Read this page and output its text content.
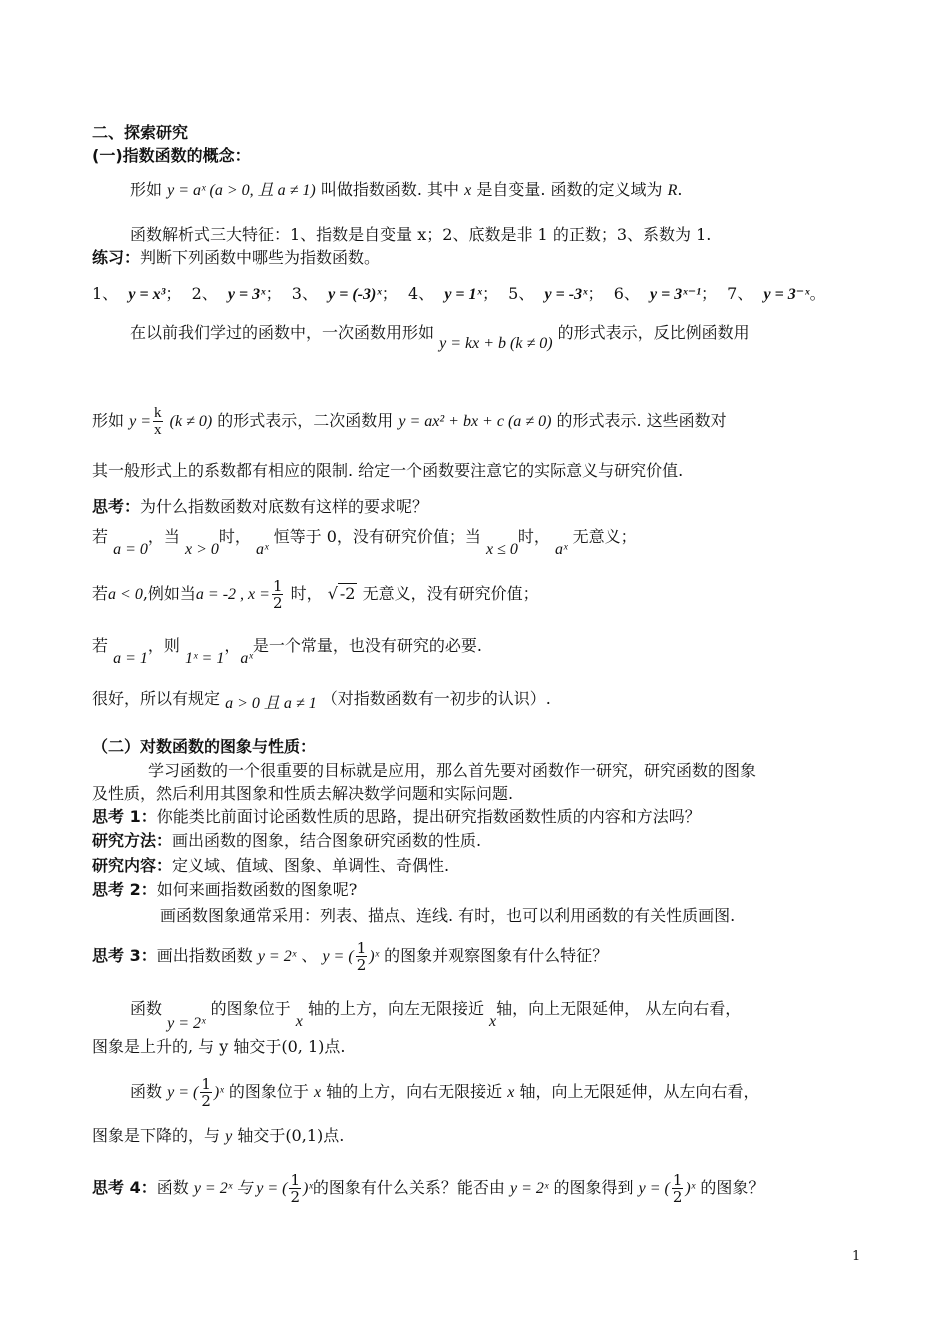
二、探索研究
(一)指数函数的概念：
形如 y = aˣ (a > 0, 且 a ≠ 1) 叫做指数函数. 其中 x 是自变量. 函数的定义域为 R.
函数解析式三大特征：1、指数是自变量 x；2、底数是非 1 的正数；3、系数为 1.
练习：判断下列函数中哪些为指数函数。
1、 y = x³； 2、 y = 3ˣ； 3、 y = (-3)ˣ； 4、 y = 1ˣ； 5、 y = -3ˣ； 6、 y = 3ˣ⁻¹； 7、 y = 3⁻ˣ。
在以前我们学过的函数中，一次函数用形如 y = kx + b (k ≠ 0) 的形式表示，反比例函数用
形如 $y = \frac{k}{x} (k \ne 0)$ 的形式表示，二次函数用 y = ax² + bx + c (a ≠ 0) 的形式表示. 这些函数对
其一般形式上的系数都有相应的限制. 给定一个函数要注意它的实际意义与研究价值.
思考：为什么指数函数对底数有这样的要求呢？
若 a = 0，当 x > 0时， aˣ 恒等于 0，没有研究价值；当 x ≤ 0时， aˣ 无意义；
若a < 0,例如当a = -2 , $x = \frac{1}{2}$ 时， √ -2 无意义，没有研究价值；
若 a = 1，则 1ˣ = 1，aˣ是一个常量，也没有研究的必要.
很好，所以有规定 a > 0 且 a ≠ 1 （对指数函数有一初步的认识）.
（二）对数函数的图象与性质：
学习函数的一个很重要的目标就是应用，那么首先要对函数作一研究，研究函数的图象
及性质，然后利用其图象和性质去解决数学问题和实际问题.
思考 1：你能类比前面讨论函数性质的思路，提出研究指数函数性质的内容和方法吗？
研究方法：画出函数的图象，结合图象研究函数的性质.
研究内容：定义域、值域、图象、单调性、奇偶性.
思考 2：如何来画指数函数的图象呢?
画函数图象通常采用：列表、描点、连线. 有时，也可以利用函数的有关性质画图.
思考 3：画出指数函数 y = 2ˣ 、 y = ( $\frac{1}{2}$ )ˣ 的图象并观察图象有什么特征？
函数 y = 2ˣ 的图象位于 x 轴的上方，向左无限接近 x轴，向上无限延伸， 从左向右看，
图象是上升的, 与 y 轴交于(0, 1)点.
函数 y = ( $\frac{1}{2}$ )ˣ 的图象位于 x 轴的上方，向右无限接近 x 轴，向上无限延伸，从左向右看，
图象是下降的，与 y 轴交于(0,1)点.
思考 4：函数 y = 2ˣ 与 y = ( $\frac{1}{2}$ )ˣ的图象有什么关系？能否由 y = 2ˣ 的图象得到 y = ( $\frac{1}{2}$ )ˣ 的图象？
1
